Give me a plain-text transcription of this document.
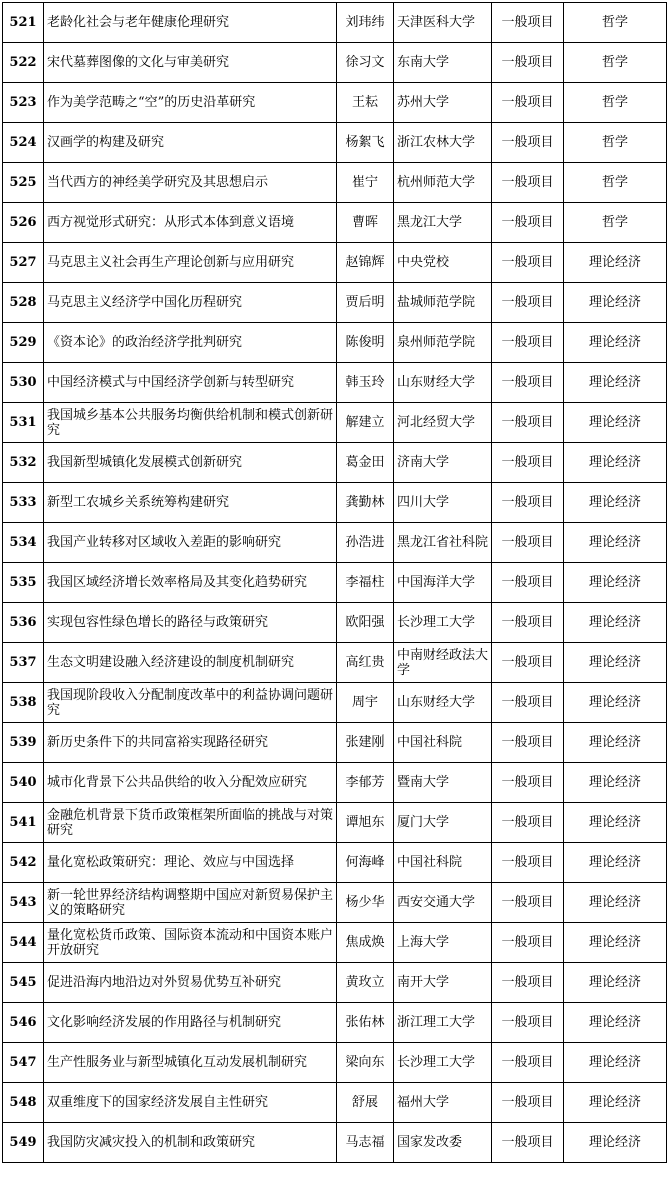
521	老龄化社会与老年健康伦理研究	刘玮纬	天津医科大学	一般项目	哲学
522	宋代墓葬图像的文化与审美研究	徐习文	东南大学	一般项目	哲学
523	作为美学范畴之“空”的历史沿革研究	王耘	苏州大学	一般项目	哲学
524	汉画学的构建及研究	杨絮飞	浙江农林大学	一般项目	哲学
525	当代西方的神经美学研究及其思想启示	崔宁	杭州师范大学	一般项目	哲学
526	西方视觉形式研究：从形式本体到意义语境	曹晖	黑龙江大学	一般项目	哲学
527	马克思主义社会再生产理论创新与应用研究	赵锦辉	中央党校	一般项目	理论经济
528	马克思主义经济学中国化历程研究	贾后明	盐城师范学院	一般项目	理论经济
529	《资本论》的政治经济学批判研究	陈俊明	泉州师范学院	一般项目	理论经济
530	中国经济模式与中国经济学创新与转型研究	韩玉玲	山东财经大学	一般项目	理论经济
531	我国城乡基本公共服务均衡供给机制和模式创新研究	解建立	河北经贸大学	一般项目	理论经济
532	我国新型城镇化发展模式创新研究	葛金田	济南大学	一般项目	理论经济
533	新型工农城乡关系统筹构建研究	龚勤林	四川大学	一般项目	理论经济
534	我国产业转移对区域收入差距的影响研究	孙浩进	黑龙江省社科院	一般项目	理论经济
535	我国区域经济增长效率格局及其变化趋势研究	李福柱	中国海洋大学	一般项目	理论经济
536	实现包容性绿色增长的路径与政策研究	欧阳强	长沙理工大学	一般项目	理论经济
537	生态文明建设融入经济建设的制度机制研究	高红贵	中南财经政法大学	一般项目	理论经济
538	我国现阶段收入分配制度改革中的利益协调问题研究	周宇	山东财经大学	一般项目	理论经济
539	新历史条件下的共同富裕实现路径研究	张建刚	中国社科院	一般项目	理论经济
540	城市化背景下公共品供给的收入分配效应研究	李郁芳	暨南大学	一般项目	理论经济
541	金融危机背景下货币政策框架所面临的挑战与对策研究	谭旭东	厦门大学	一般项目	理论经济
542	量化宽松政策研究：理论、效应与中国选择	何海峰	中国社科院	一般项目	理论经济
543	新一轮世界经济结构调整期中国应对新贸易保护主义的策略研究	杨少华	西安交通大学	一般项目	理论经济
544	量化宽松货币政策、国际资本流动和中国资本账户开放研究	焦成焕	上海大学	一般项目	理论经济
545	促进沿海内地沿边对外贸易优势互补研究	黄玫立	南开大学	一般项目	理论经济
546	文化影响经济发展的作用路径与机制研究	张佑林	浙江理工大学	一般项目	理论经济
547	生产性服务业与新型城镇化互动发展机制研究	梁向东	长沙理工大学	一般项目	理论经济
548	双重维度下的国家经济发展自主性研究	舒展	福州大学	一般项目	理论经济
549	我国防灾减灾投入的机制和政策研究	马志福	国家发改委	一般项目	理论经济
